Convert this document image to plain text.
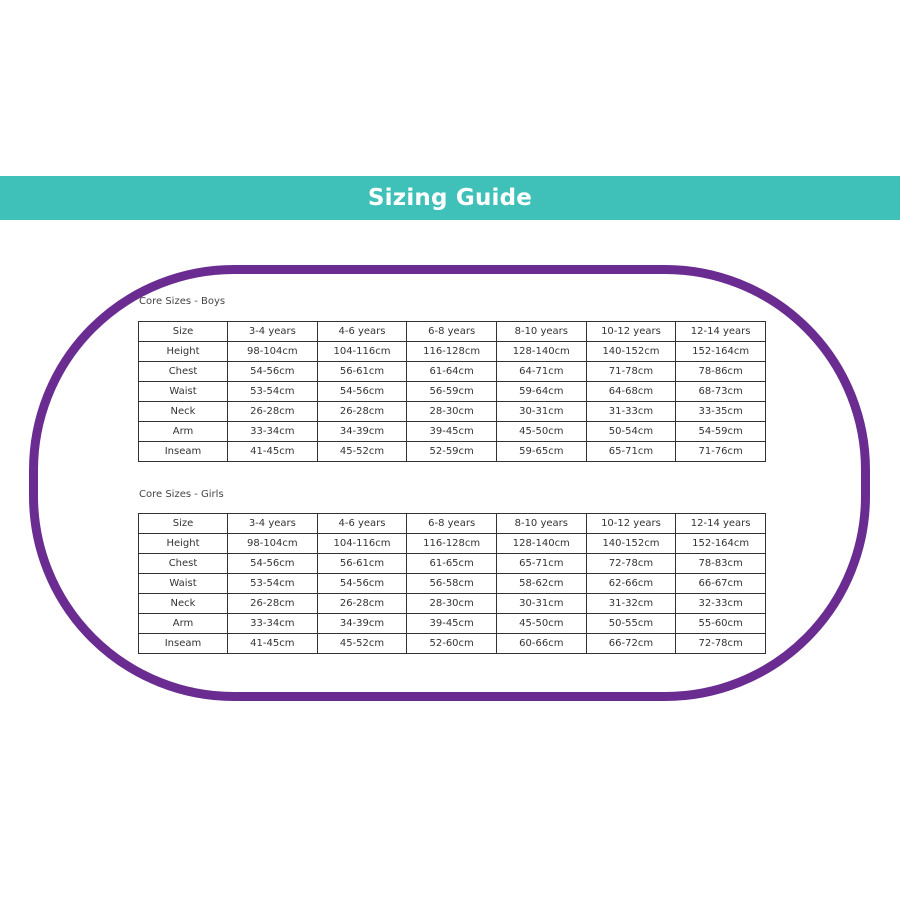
Sizing Guide
Core Sizes - Boys
Size	3-4 years	4-6 years	6-8 years	8-10 years	10-12 years	12-14 years
Height	98-104cm	104-116cm	116-128cm	128-140cm	140-152cm	152-164cm
Chest	54-56cm	56-61cm	61-64cm	64-71cm	71-78cm	78-86cm
Waist	53-54cm	54-56cm	56-59cm	59-64cm	64-68cm	68-73cm
Neck	26-28cm	26-28cm	28-30cm	30-31cm	31-33cm	33-35cm
Arm	33-34cm	34-39cm	39-45cm	45-50cm	50-54cm	54-59cm
Inseam	41-45cm	45-52cm	52-59cm	59-65cm	65-71cm	71-76cm
Core Sizes - Girls
Size	3-4 years	4-6 years	6-8 years	8-10 years	10-12 years	12-14 years
Height	98-104cm	104-116cm	116-128cm	128-140cm	140-152cm	152-164cm
Chest	54-56cm	56-61cm	61-65cm	65-71cm	72-78cm	78-83cm
Waist	53-54cm	54-56cm	56-58cm	58-62cm	62-66cm	66-67cm
Neck	26-28cm	26-28cm	28-30cm	30-31cm	31-32cm	32-33cm
Arm	33-34cm	34-39cm	39-45cm	45-50cm	50-55cm	55-60cm
Inseam	41-45cm	45-52cm	52-60cm	60-66cm	66-72cm	72-78cm
